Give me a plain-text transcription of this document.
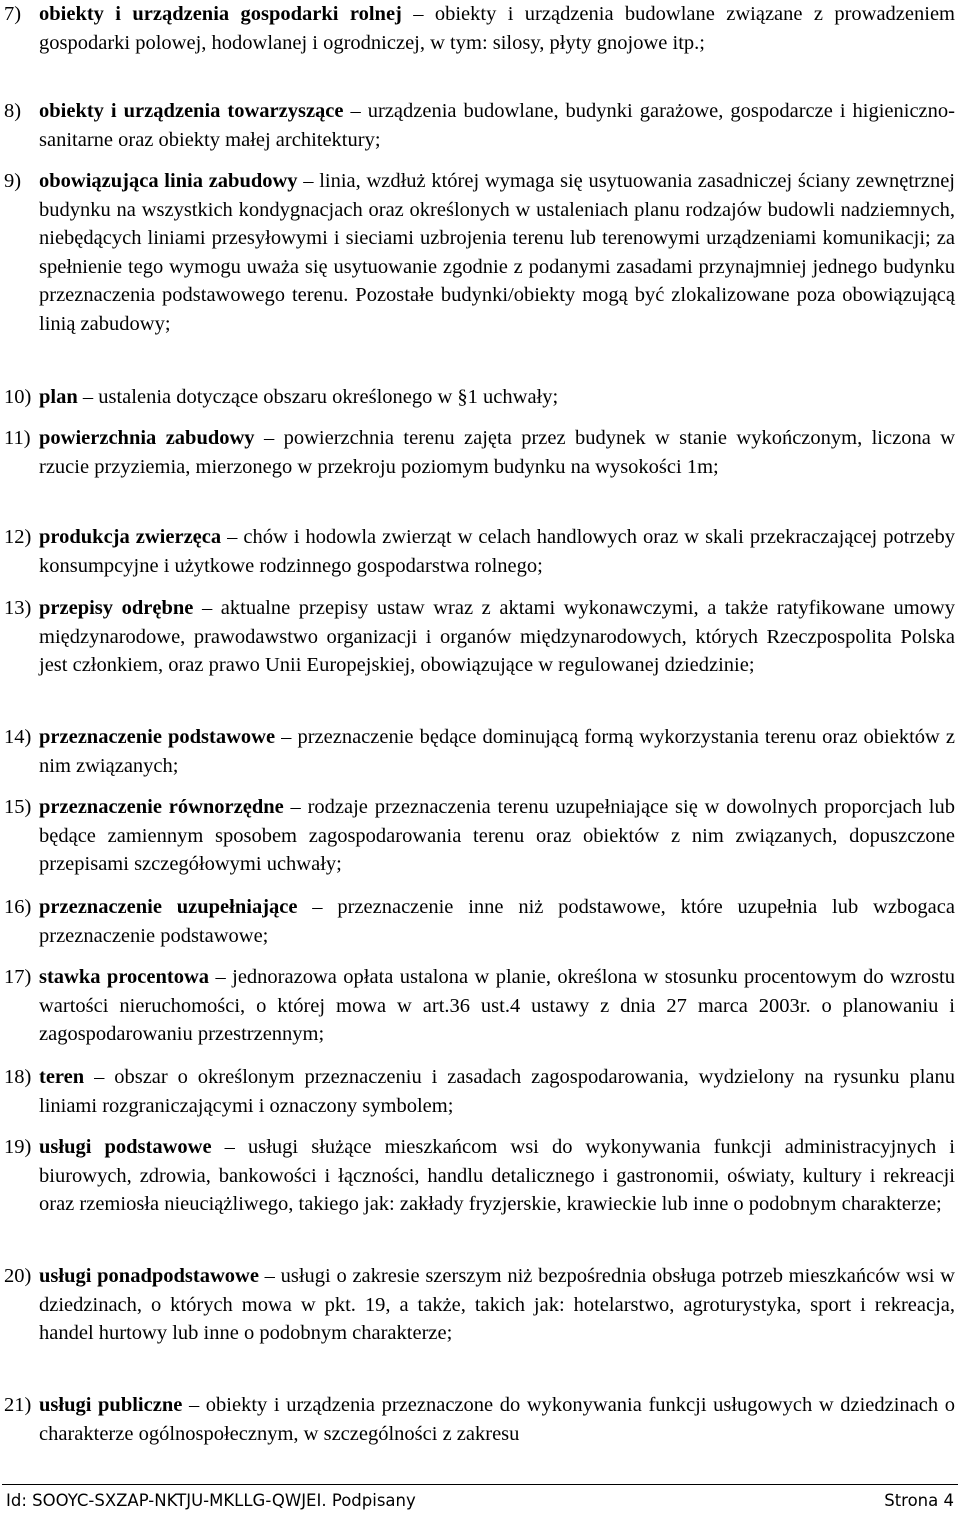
7) obiekty i urządzenia gospodarki rolnej – obiekty i urządzenia budowlane związane z prowadzeniem gospodarki polowej, hodowlanej i ogrodniczej, w tym: silosy, płyty gnojowe itp.;
8) obiekty i urządzenia towarzyszące – urządzenia budowlane, budynki garażowe, gospodarcze i higieniczno-sanitarne oraz obiekty małej architektury;
9) obowiązująca linia zabudowy – linia, wzdłuż której wymaga się usytuowania zasadniczej ściany zewnętrznej budynku na wszystkich kondygnacjach oraz określonych w ustaleniach planu rodzajów budowli nadziemnych, niebędących liniami przesyłowymi i sieciami uzbrojenia terenu lub terenowymi urządzeniami komunikacji; za spełnienie tego wymogu uważa się usytuowanie zgodnie z podanymi zasadami przynajmniej jednego budynku przeznaczenia podstawowego terenu. Pozostałe budynki/obiekty mogą być zlokalizowane poza obowiązującą linią zabudowy;
10) plan – ustalenia dotyczące obszaru określonego w §1 uchwały;
11) powierzchnia zabudowy – powierzchnia terenu zajęta przez budynek w stanie wykończonym, liczona w rzucie przyziemia, mierzonego w przekroju poziomym budynku na wysokości 1m;
12) produkcja zwierzęca – chów i hodowla zwierząt w celach handlowych oraz w skali przekraczającej potrzeby konsumpcyjne i użytkowe rodzinnego gospodarstwa rolnego;
13) przepisy odrębne – aktualne przepisy ustaw wraz z aktami wykonawczymi, a także ratyfikowane umowy międzynarodowe, prawodawstwo organizacji i organów międzynarodowych, których Rzeczpospolita Polska jest członkiem, oraz prawo Unii Europejskiej, obowiązujące w regulowanej dziedzinie;
14) przeznaczenie podstawowe – przeznaczenie będące dominującą formą wykorzystania terenu oraz obiektów z nim związanych;
15) przeznaczenie równorzędne – rodzaje przeznaczenia terenu uzupełniające się w dowolnych proporcjach lub będące zamiennym sposobem zagospodarowania terenu oraz obiektów z nim związanych, dopuszczone przepisami szczegółowymi uchwały;
16) przeznaczenie uzupełniające – przeznaczenie inne niż podstawowe, które uzupełnia lub wzbogaca przeznaczenie podstawowe;
17) stawka procentowa – jednorazowa opłata ustalona w planie, określona w stosunku procentowym do wzrostu wartości nieruchomości, o której mowa w art.36 ust.4 ustawy z dnia 27 marca 2003r. o planowaniu i zagospodarowaniu przestrzennym;
18) teren – obszar o określonym przeznaczeniu i zasadach zagospodarowania, wydzielony na rysunku planu liniami rozgraniczającymi i oznaczony symbolem;
19) usługi podstawowe – usługi służące mieszkańcom wsi do wykonywania funkcji administracyjnych i biurowych, zdrowia, bankowości i łączności, handlu detalicznego i gastronomii, oświaty, kultury i rekreacji oraz rzemiosła nieuciążliwego, takiego jak: zakłady fryzjerskie, krawieckie lub inne o podobnym charakterze;
20) usługi ponadpodstawowe – usługi o zakresie szerszym niż bezpośrednia obsługa potrzeb mieszkańców wsi w dziedzinach, o których mowa w pkt. 19, a także, takich jak: hotelarstwo, agroturystyka, sport i rekreacja, handel hurtowy lub inne o podobnym charakterze;
21) usługi publiczne – obiekty i urządzenia przeznaczone do wykonywania funkcji usługowych w dziedzinach o charakterze ogólnospołecznym, w szczególności z zakresu
Id: SOOYC-SXZAP-NKTJU-MKLLG-QWJEI. Podpisany	Strona 4
